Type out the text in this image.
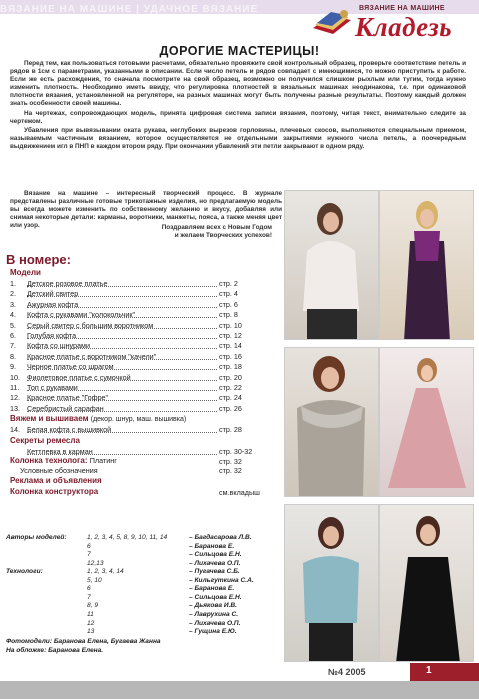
ВЯЗАНИЕ НА МАШИНЕ | УДАЧНОЕ ВЯЗАНИЕ	ВЯЗАНИЕ НА МАШИНЕ
Кладезь
ДОРОГИЕ МАСТЕРИЦЫ!

Перед тем, как пользоваться готовыми расчетами, обязательно провяжите свой контрольный образец, проверьте соответствие петель и рядов в 1см с параметрами, указанными в описании. Если число петель и рядов совпадает с имеющимися, то можно приступить к работе. Если же есть расхождения, то сначала посмотрите на свой образец, возможно он получился слишком рыхлым или тугим, тогда нужно изменить плотность. Необходимо иметь ввиду, что регулировка плотностей в вязальных машинах неодинакова, т.е. при одинаковой плотности вязания, установленной на регуляторе, на разных машинах могут быть получены разные результаты. Поэтому каждый должен знать особенности своей машины.

На чертежах, сопровождающих модель, принята цифровая система записи вязания, поэтому, читая текст, внимательно следите за чертежом.

Убавления при вывязывании оката рукава, неглубоких вырезов горловины, плечевых скосов, выполняются специальным приемом, называемым частичным вязанием, которое осуществляется не отдельными закрытиями нужного числа петель, а поочередным выдвижением игл в ПНП в каждом втором ряду. При окончании убавлений эти петли закрывают в одном ряду.

Вязание на машине – интересный творческий процесс. В журнале представлены различные готовые трикотажные изделия, но предлагаемую модель вы всегда можете изменить по собственному желанию и вкусу, добавляя или снимая некоторые детали: карманы, воротники, манжеты, пояса, а также меняя цвет или узор.	Поздравляем всех с Новым Годом
и желаем Творческих успехов!
В номере:
Модели
1. Детское розовое платье	стр. 2
2. Детский свитер	стр. 4
3. Ажурная кофта	стр. 6
4. Кофта с рукавами "колокольчик"	стр. 8
5. Серый свитер с большим воротником	стр. 10
6. Голубая кофта	стр. 12
7. Кофта со шнурами	стр. 14
8. Красное платье с воротником "качели"	стр. 16
9. Черное платье со шрагом	стр. 18
10. Фиолетовое платье с сумочкой	стр. 20
11. Топ с рукавами	стр. 22
12. Красное платье "Гофре"	стр. 24
13. Серебристый сарафан	стр. 26
Вяжем и вышиваем (декор. шнур, маш. вышивка)
14. Белая кофта с вышивкой	стр. 28
Секреты ремесла
Кеттлевка в карман	стр. 30-32
Колонка технолога: Платинг	стр. 32
Условные обозначения	стр. 32
Реклама и объявления
Колонка конструктора	см.вкладыш
Авторы моделей:	1, 2, 3, 4, 5, 8, 9, 10, 11, 14	– Багдасарова Л.В.
6	– Баранова Е.
7	– Сильцова Е.Н.
12,13	– Лихачева О.П.
Технологи:	1, 2, 3, 4, 14	– Пугачева С.Б.
5, 10	– Кильгуткина С.А.
6	– Баранова Е.
7	– Сильцова Е.Н.
8, 9	– Дьякова И.В.
11	– Лаврухина С.
12	– Лихачева О.П.
13	– Гущина Е.Ю.
Фотомодели: Баранова Елена, Бугаева Жанна
На обложке: Баранова Елена.
№4 2005	1
